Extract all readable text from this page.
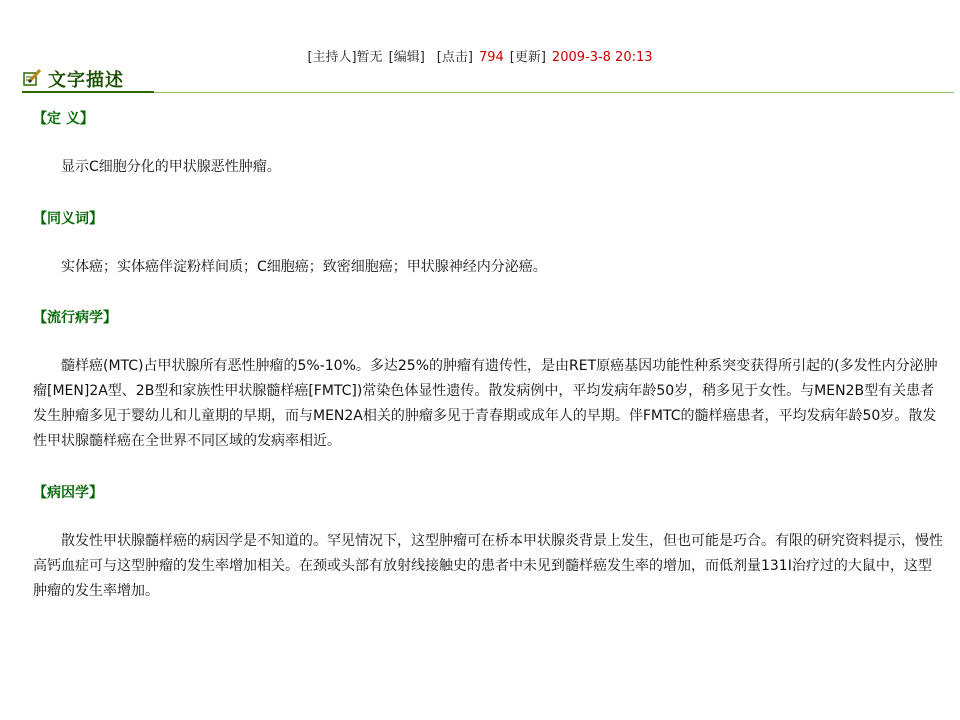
[主持人]暂无 [编辑] [点击] 794 [更新] 2009-3-8 20:13
文字描述
【定 义】
显示C细胞分化的甲状腺恶性肿瘤。
【同义词】
实体癌；实体癌伴淀粉样间质；C细胞癌；致密细胞癌；甲状腺神经内分泌癌。
【流行病学】
髓样癌(MTC)占甲状腺所有恶性肿瘤的5%-10%。多达25%的肿瘤有遗传性，是由RET原癌基因功能性种系突变获得所引起的(多发性内分泌肿瘤[MEN]2A型、2B型和家族性甲状腺髓样癌[FMTC])常染色体显性遗传。散发病例中，平均发病年龄50岁，稍多见于女性。与MEN2B型有关患者发生肿瘤多见于婴幼儿和儿童期的早期，而与MEN2A相关的肿瘤多见于青春期或成年人的早期。伴FMTC的髓样癌患者，平均发病年龄50岁。散发性甲状腺髓样癌在全世界不同区域的发病率相近。
【病因学】
散发性甲状腺髓样癌的病因学是不知道的。罕见情况下，这型肿瘤可在桥本甲状腺炎背景上发生，但也可能是巧合。有限的研究资料提示，慢性高钙血症可与这型肿瘤的发生率增加相关。在颈或头部有放射线接触史的患者中未见到髓样癌发生率的增加，而低剂量131I治疗过的大鼠中，这型肿瘤的发生率增加。
